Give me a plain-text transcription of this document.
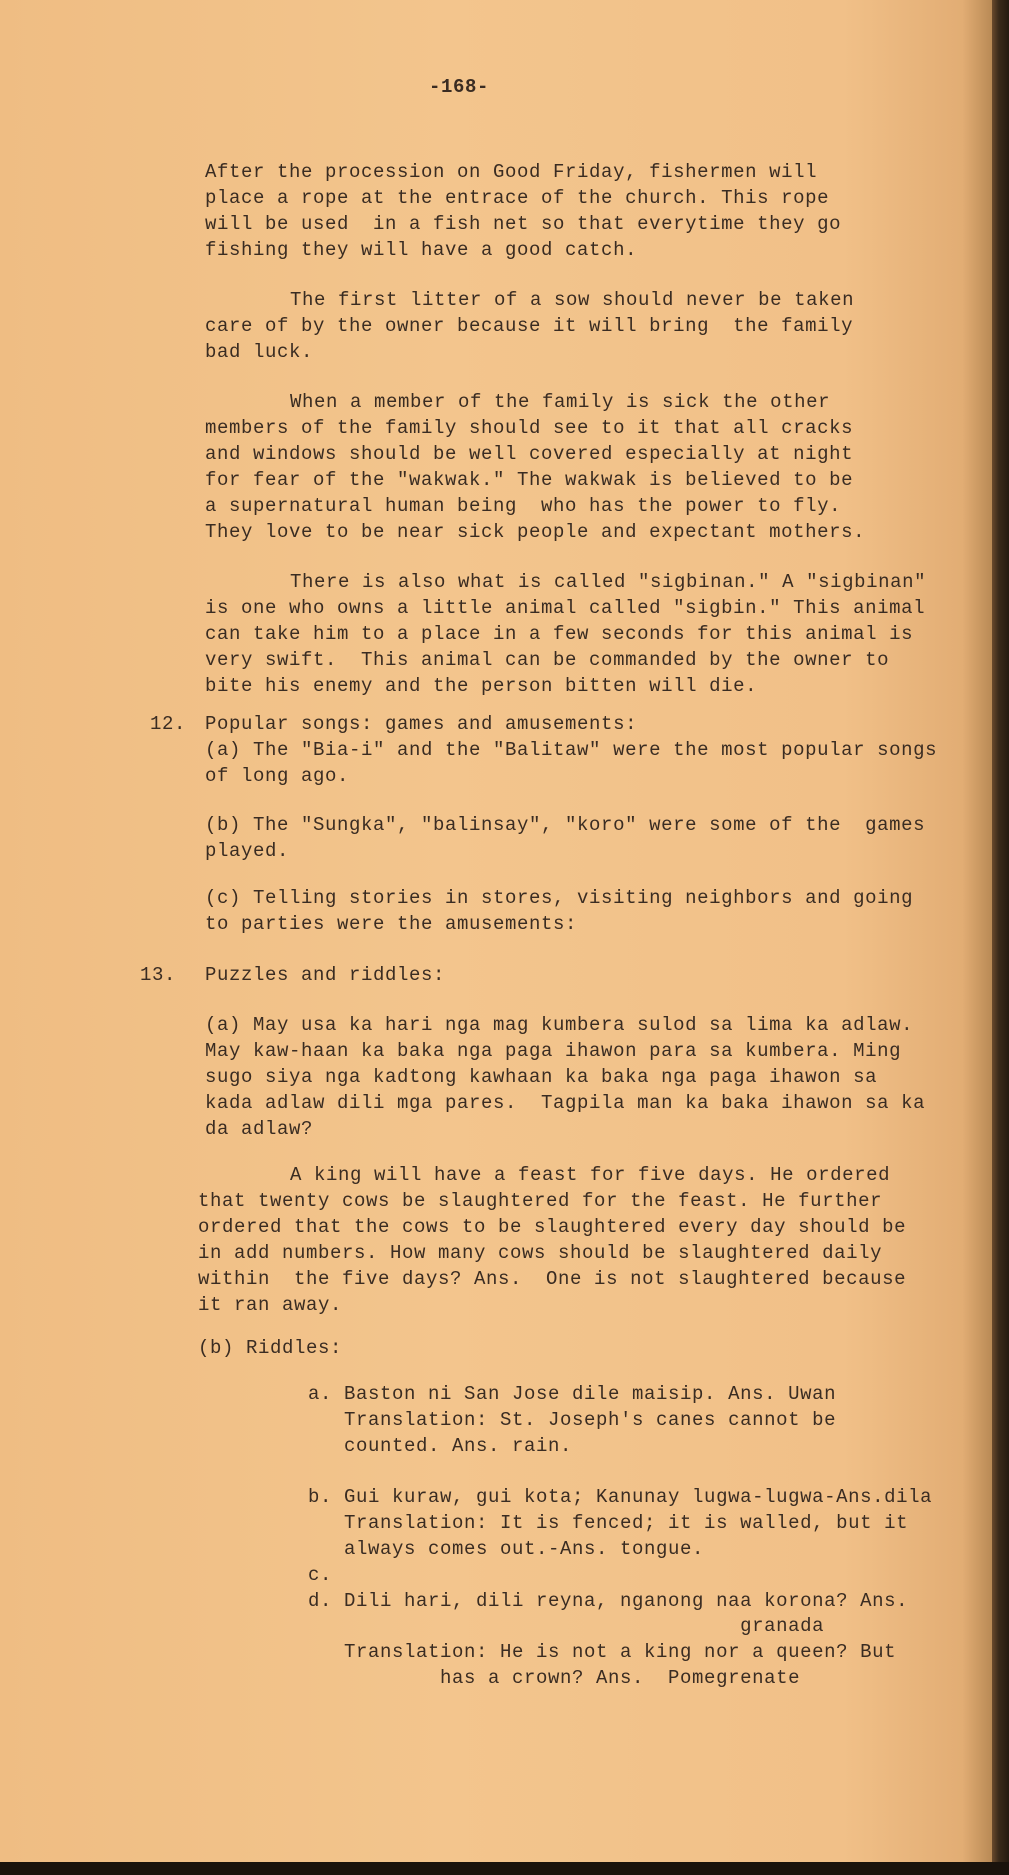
-168-
After the procession on Good Friday, fishermen will
place a rope at the entrace of the church. This rope
will be used  in a fish net so that everytime they go
fishing they will have a good catch.
The first litter of a sow should never be taken
care of by the owner because it will bring  the family
bad luck.
When a member of the family is sick the other
members of the family should see to it that all cracks
and windows should be well covered especially at night
for fear of the "wakwak." The wakwak is believed to be
a supernatural human being  who has the power to fly.
They love to be near sick people and expectant mothers.
There is also what is called "sigbinan." A "sigbinan"
is one who owns a little animal called "sigbin." This animal
can take him to a place in a few seconds for this animal is
very swift.  This animal can be commanded by the owner to
bite his enemy and the person bitten will die.
12. Popular songs: games and amusements:
(a) The "Bia-i" and the "Balitaw" were the most popular songs
of long ago.
(b) The "Sungka", "balinsay", "koro" were some of the  games
played.
(c) Telling stories in stores, visiting neighbors and going
to parties were the amusements:
13. Puzzles and riddles:
(a) May usa ka hari nga mag kumbera sulod sa lima ka adlaw.
May kaw-haan ka baka nga paga ihawon para sa kumbera. Ming
sugo siya nga kadtong kawhaan ka baka nga paga ihawon sa
kada adlaw dili mga pares.  Tagpila man ka baka ihawon sa ka
da adlaw?
A king will have a feast for five days. He ordered
that twenty cows be slaughtered for the feast. He further
ordered that the cows to be slaughtered every day should be
in add numbers. How many cows should be slaughtered daily
within  the five days? Ans.  One is not slaughtered because
it ran away.
(b) Riddles:
a. Baston ni San Jose dile maisip. Ans. Uwan
Translation: St. Joseph's canes cannot be
counted. Ans. rain.
b. Gui kuraw, gui kota; Kanunay lugwa-lugwa-Ans.dila
Translation: It is fenced; it is walled, but it
always comes out.-Ans. tongue.
c.
d. Dili hari, dili reyna, nganong naa korona? Ans.
granada
Translation: He is not a king nor a queen? But
has a crown? Ans.  Pomegrenate
